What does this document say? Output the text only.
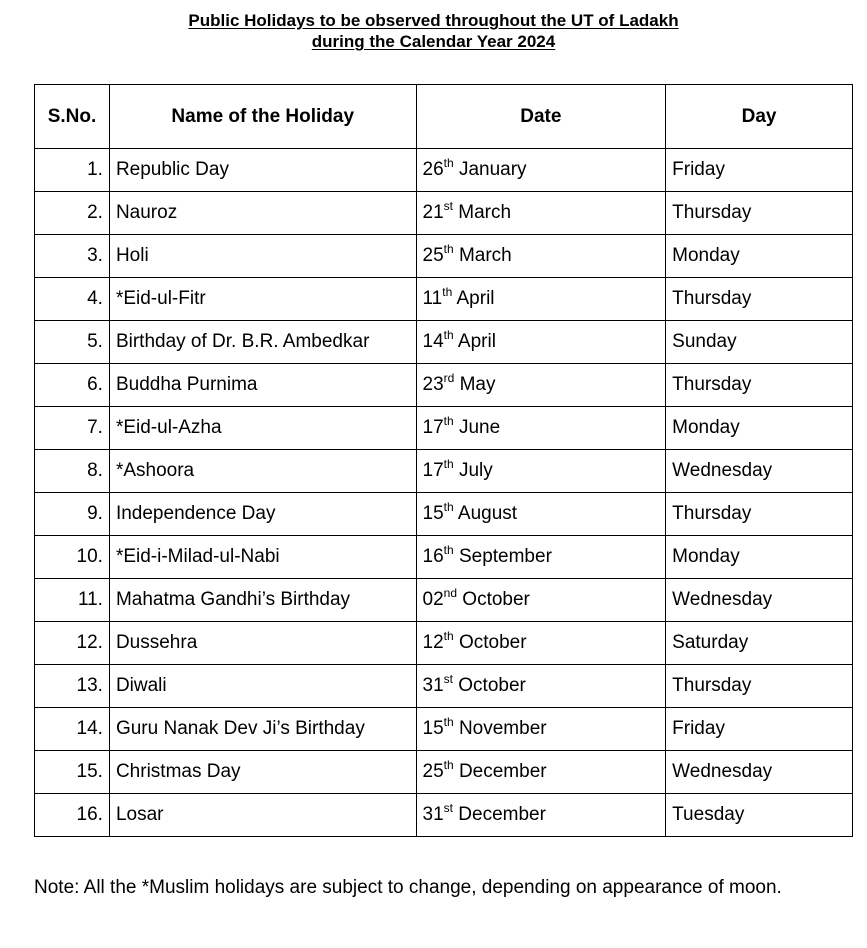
Public Holidays to be observed throughout the UT of Ladakh
during the Calendar Year 2024
S.No.	Name of the Holiday	Date	Day
1.	Republic Day	26th January	Friday
2.	Nauroz	21st March	Thursday
3.	Holi	25th March	Monday
4.	*Eid-ul-Fitr	11th April	Thursday
5.	Birthday of Dr. B.R. Ambedkar	14th April	Sunday
6.	Buddha Purnima	23rd May	Thursday
7.	*Eid-ul-Azha	17th June	Monday
8.	*Ashoora	17th July	Wednesday
9.	Independence Day	15th August	Thursday
10.	*Eid-i-Milad-ul-Nabi	16th September	Monday
11.	Mahatma Gandhi’s Birthday	02nd October	Wednesday
12.	Dussehra	12th October	Saturday
13.	Diwali	31st October	Thursday
14.	Guru Nanak Dev Ji’s Birthday	15th November	Friday
15.	Christmas Day	25th December	Wednesday
16.	Losar	31st December	Tuesday
Note: All the *Muslim holidays are subject to change, depending on appearance of moon.
